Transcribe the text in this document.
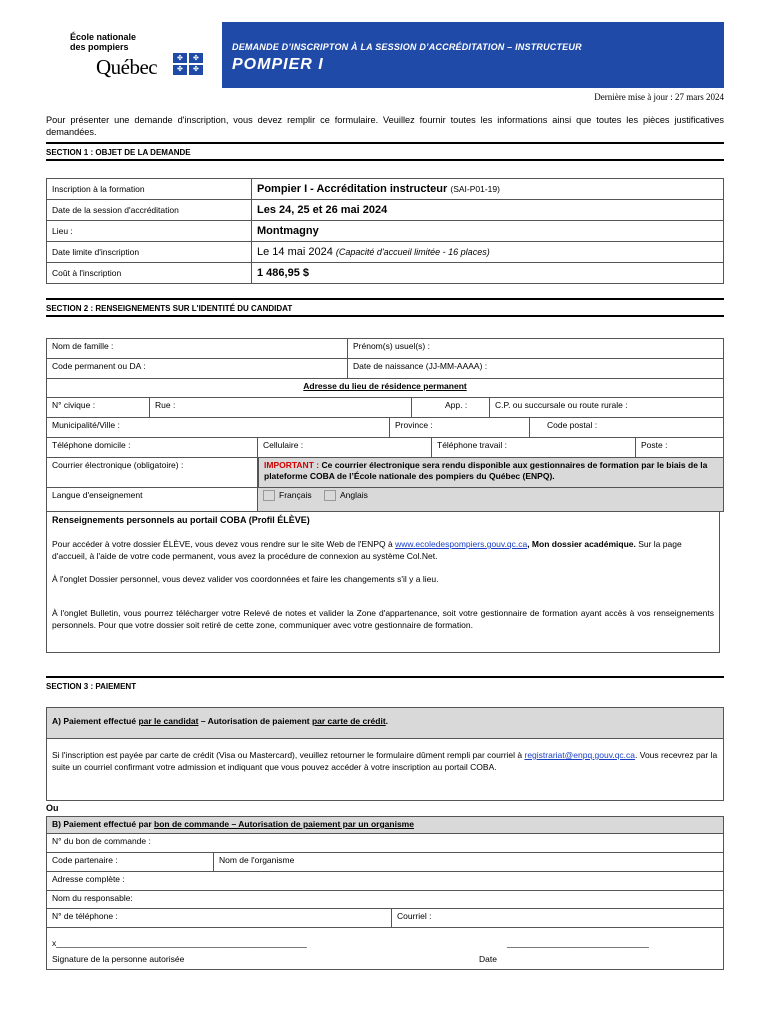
École nationale
des pompiers
Québec	✤ ✤
✤ ✤
DEMANDE D’INSCRIPTON À LA SESSION D’ACCRÉDITATION – INSTRUCTEUR
POMPIER I
Dernière mise à jour : 27 mars 2024
Pour présenter une demande d'inscription, vous devez remplir ce formulaire. Veuillez fournir toutes les informations ainsi que toutes les pièces justificatives demandées.
SECTION 1 : OBJET DE LA DEMANDE
Inscription à la formation	Pompier I - Accréditation instructeur (SAI-P01-19)
Date de la session d'accréditation	Les 24, 25 et 26 mai 2024
Lieu :	Montmagny
Date limite d'inscription	Le 14 mai 2024 (Capacité d'accueil limitée - 16 places)
Coût à l'inscription	1 486,95 $
SECTION 2 : RENSEIGNEMENTS SUR L'IDENTITÉ DU CANDIDAT
Nom de famille :	Prénom(s) usuel(s) :
Code permanent ou DA :	Date de naissance (JJ-MM-AAAA) :
Adresse du lieu de résidence permanent
N° civique :	Rue :	App. :	C.P. ou succursale ou route rurale :
Municipalité/Ville :	Province :	Code postal :
Téléphone domicile :	Cellulaire :	Téléphone travail :	Poste :
Courrier électronique (obligatoire) :	IMPORTANT : Ce courrier électronique sera rendu disponible aux gestionnaires de formation par le biais de la plateforme COBA de l’École nationale des pompiers du Québec (ENPQ).
Langue d'enseignement	Français	Anglais
Renseignements personnels au portail COBA (Profil ÉLÈVE)
Pour accéder à votre dossier ÉLÈVE, vous devez vous rendre sur le site Web de l'ENPQ à www.ecoledespompiers.gouv.qc.ca, Mon dossier académique. Sur la page d'accueil, à l'aide de votre code permanent, vous avez la procédure de connexion au système Col.Net.
À l'onglet Dossier personnel, vous devez valider vos coordonnées et faire les changements s'il y a lieu.
À l'onglet Bulletin, vous pourrez télécharger votre Relevé de notes et valider la Zone d'appartenance, soit votre gestionnaire de formation ayant accès à vos renseignements personnels. Pour que votre dossier soit retiré de cette zone, communiquer avec votre gestionnaire de formation.
SECTION 3 : PAIEMENT
A) Paiement effectué par le candidat – Autorisation de paiement par carte de crédit.
Si l'inscription est payée par carte de crédit (Visa ou Mastercard), veuillez retourner le formulaire dûment rempli par courriel à registrariat@enpq.gouv.qc.ca. Vous recevrez par la suite un courriel confirmant votre admission et indiquant que vous pouvez accéder à votre inscription au portail COBA.
Ou
B) Paiement effectué par bon de commande – Autorisation de paiement par un organisme
N° du bon de commande :
Code partenaire :	Nom de l'organisme
Adresse complète :
Nom du responsable:
N° de téléphone :	Courriel :
x_____________________________________________________	______________________________
Signature de la personne autorisée	Date
